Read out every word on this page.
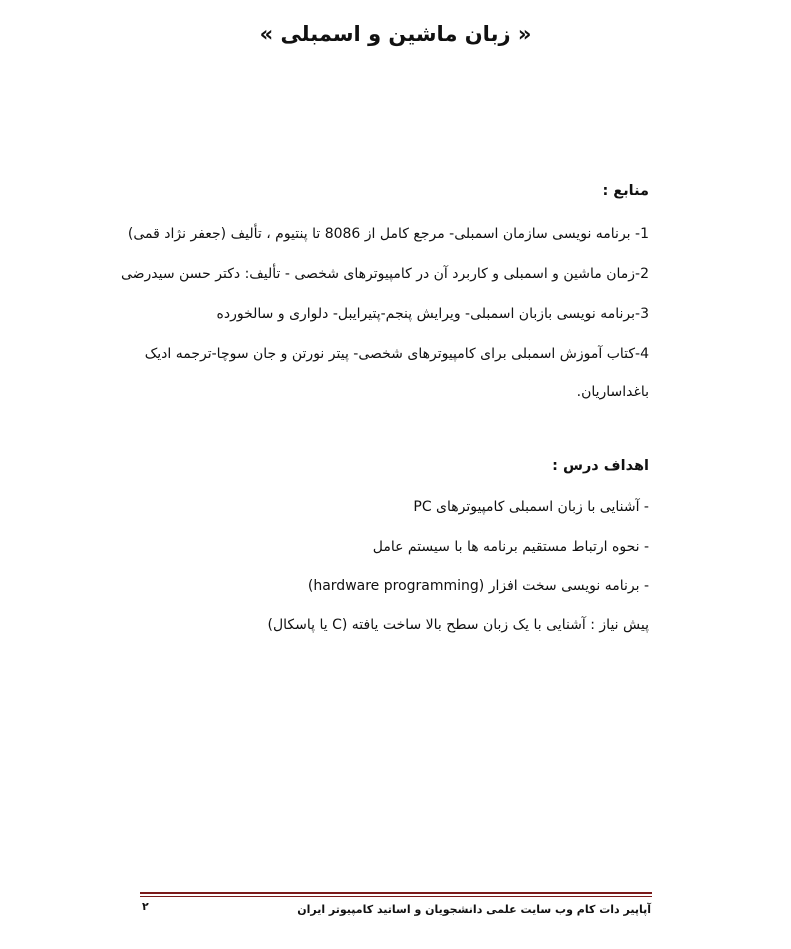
« زبان ماشین و اسمبلی »

منابع :

1- برنامه نویسی سازمان اسمبلی- مرجع کامل از 8086 تا پنتیوم ، تألیف (جعفر نژاد قمی)

2-زمان ماشین و اسمبلی و کاربرد آن در کامپیوترهای شخصی - تألیف: دکتر حسن سیدرضی

3-برنامه نویسی بازبان اسمبلی- ویرایش پنجم-پتیرایبل- دلواری و سالخورده

4-کتاب آموزش اسمبلی برای کامپیوترهای شخصی- پیتر نورتن و جان سوچا-ترجمه ادیک

باغداساریان.

اهداف درس :

- آشنایی با زبان اسمبلی کامپیوترهای PC

- نحوه ارتباط مستقیم برنامه ها با سیستم عامل

- برنامه نویسی سخت افزار (hardware programming)

پیش نیاز : آشنایی با یک زبان سطح بالا ساخت یافته (C یا پاسکال)

آپاپیر دات کام وب سایت علمی دانشجویان و اساتید کامپیوتر ایران
۲
